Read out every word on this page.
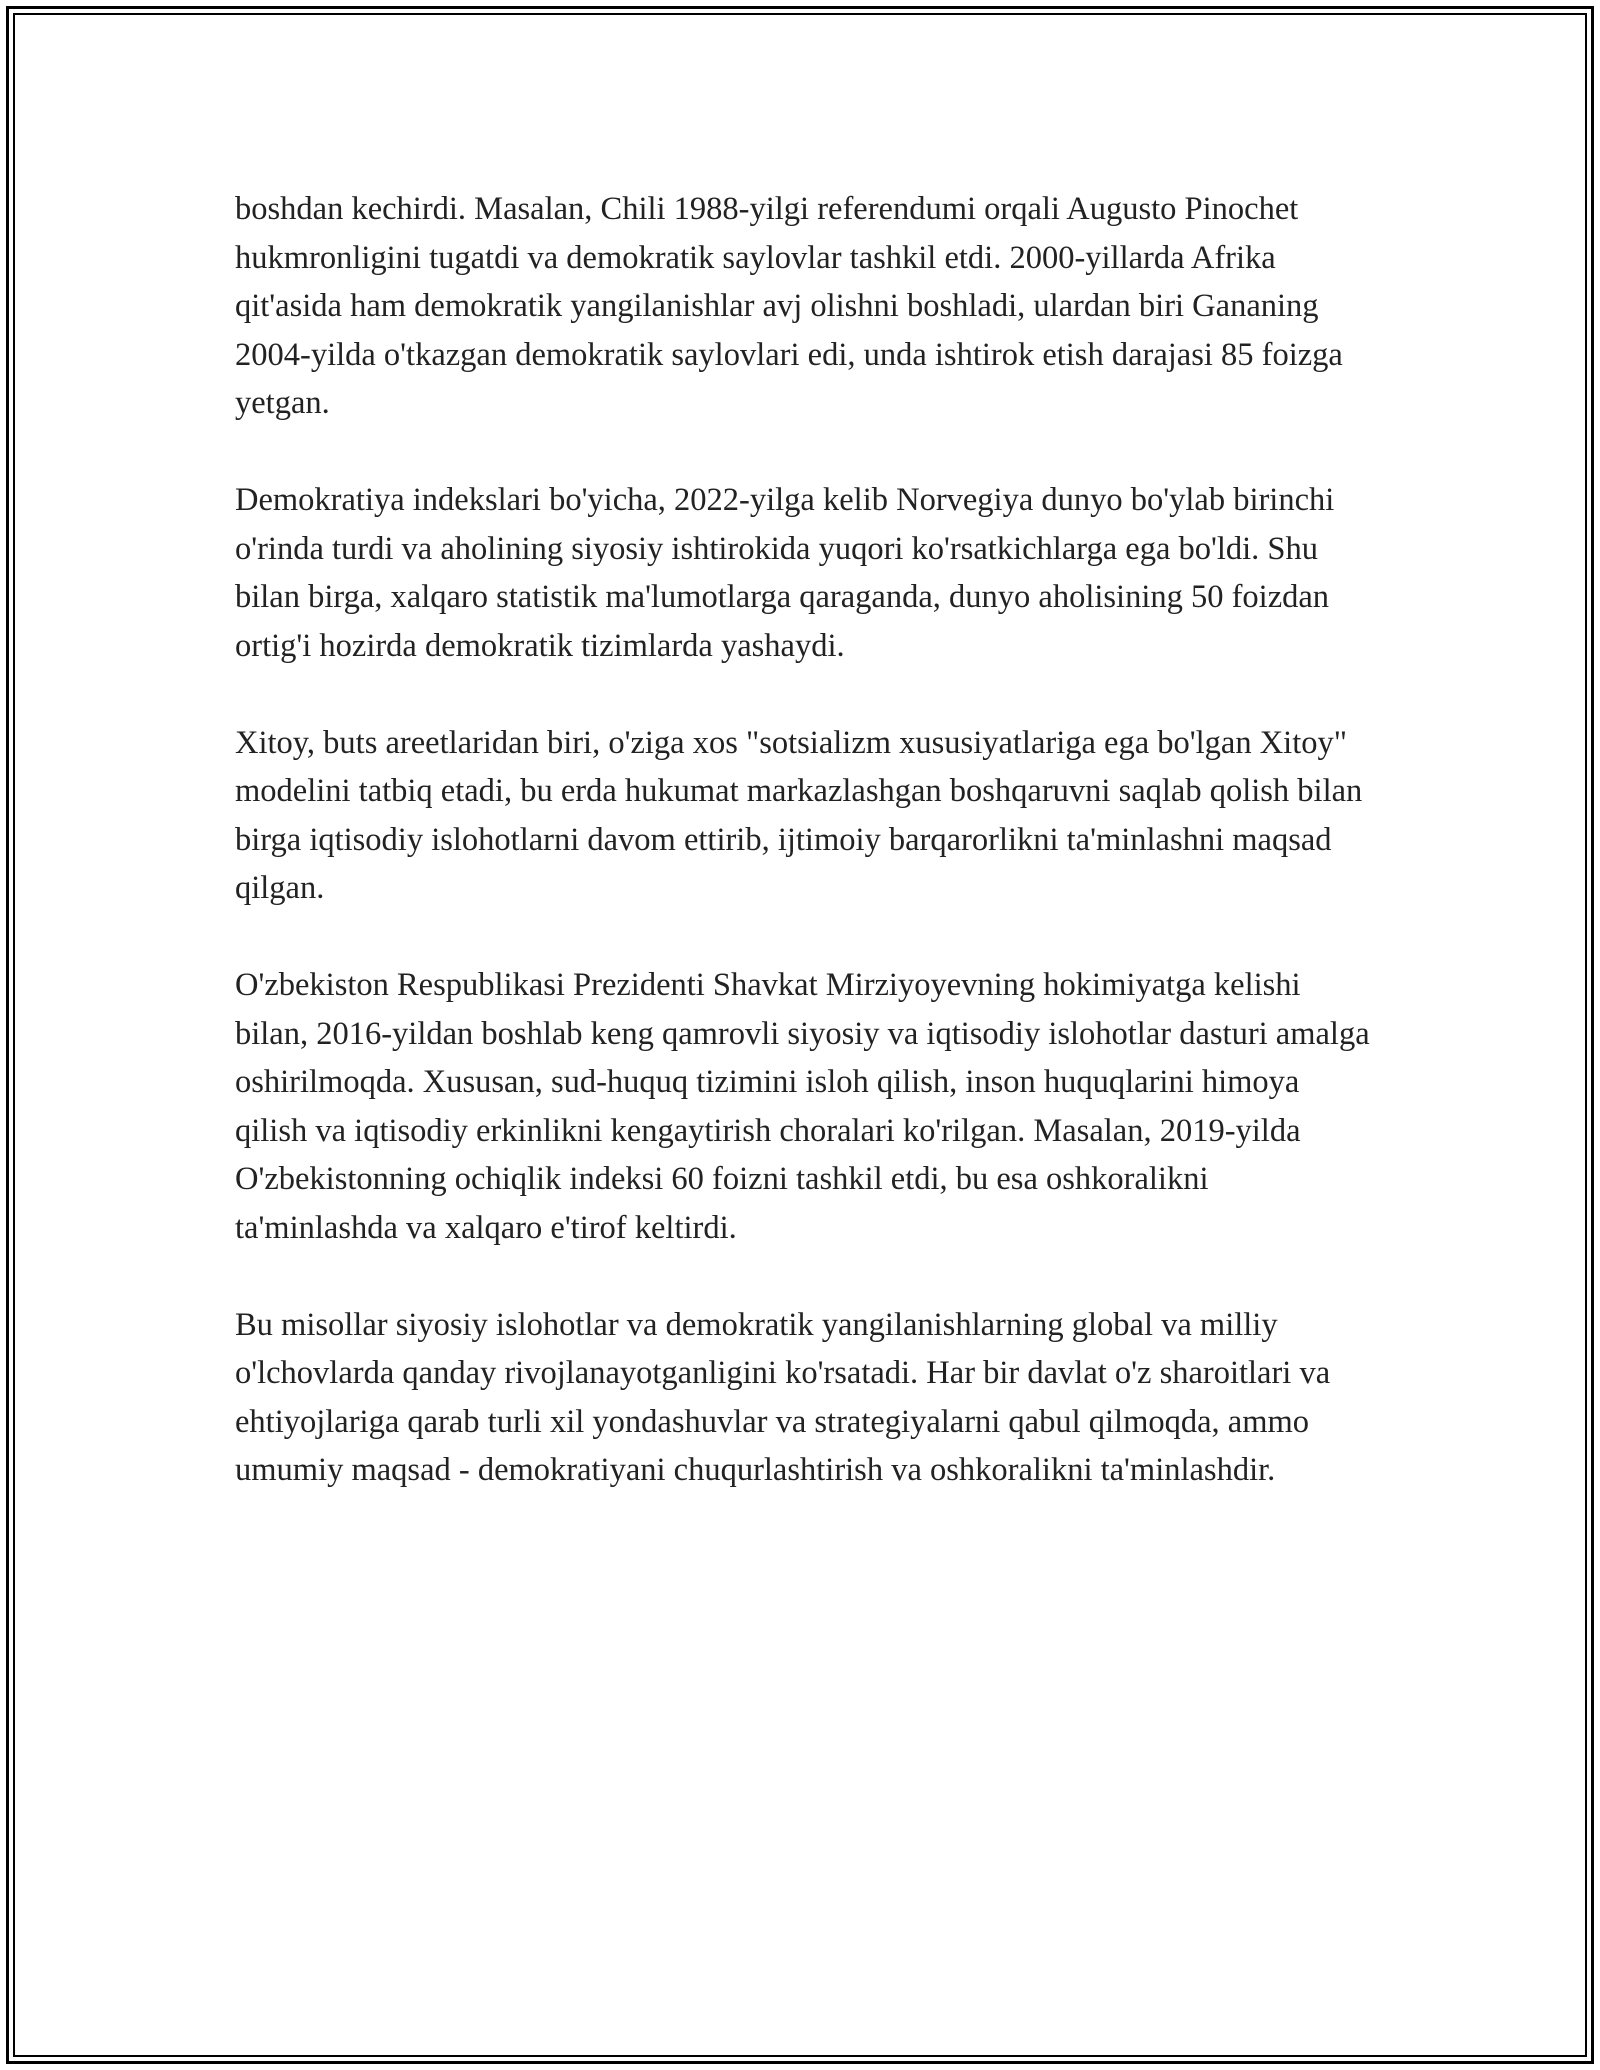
boshdan kechirdi. Masalan, Chili 1988-yilgi referendumi orqali Augusto Pinochet hukmronligini tugatdi va demokratik saylovlar tashkil etdi. 2000-yillarda Afrika qit'asida ham demokratik yangilanishlar avj olishni boshladi, ulardan biri Gananing 2004-yilda o'tkazgan demokratik saylovlari edi, unda ishtirok etish darajasi 85 foizga yetgan.

Demokratiya indekslari bo'yicha, 2022-yilga kelib Norvegiya dunyo bo'ylab birinchi o'rinda turdi va aholining siyosiy ishtirokida yuqori ko'rsatkichlarga ega bo'ldi. Shu bilan birga, xalqaro statistik ma'lumotlarga qaraganda, dunyo aholisining 50 foizdan ortig'i hozirda demokratik tizimlarda yashaydi.

Xitoy, buts areetlaridan biri, o'ziga xos "sotsializm xususiyatlariga ega bo'lgan Xitoy" modelini tatbiq etadi, bu erda hukumat markazlashgan boshqaruvni saqlab qolish bilan birga iqtisodiy islohotlarni davom ettirib, ijtimoiy barqarorlikni ta'minlashni maqsad qilgan.

O'zbekiston Respublikasi Prezidenti Shavkat Mirziyoyevning hokimiyatga kelishi bilan, 2016-yildan boshlab keng qamrovli siyosiy va iqtisodiy islohotlar dasturi amalga oshirilmoqda. Xususan, sud-huquq tizimini isloh qilish, inson huquqlarini himoya qilish va iqtisodiy erkinlikni kengaytirish choralari ko'rilgan. Masalan, 2019-yilda O'zbekistonning ochiqlik indeksi 60 foizni tashkil etdi, bu esa oshkoralikni ta'minlashda va xalqaro e'tirof keltirdi.

Bu misollar siyosiy islohotlar va demokratik yangilanishlarning global va milliy o'lchovlarda qanday rivojlanayotganligini ko'rsatadi. Har bir davlat o'z sharoitlari va ehtiyojlariga qarab turli xil yondashuvlar va strategiyalarni qabul qilmoqda, ammo umumiy maqsad - demokratiyani chuqurlashtirish va oshkoralikni ta'minlashdir.
